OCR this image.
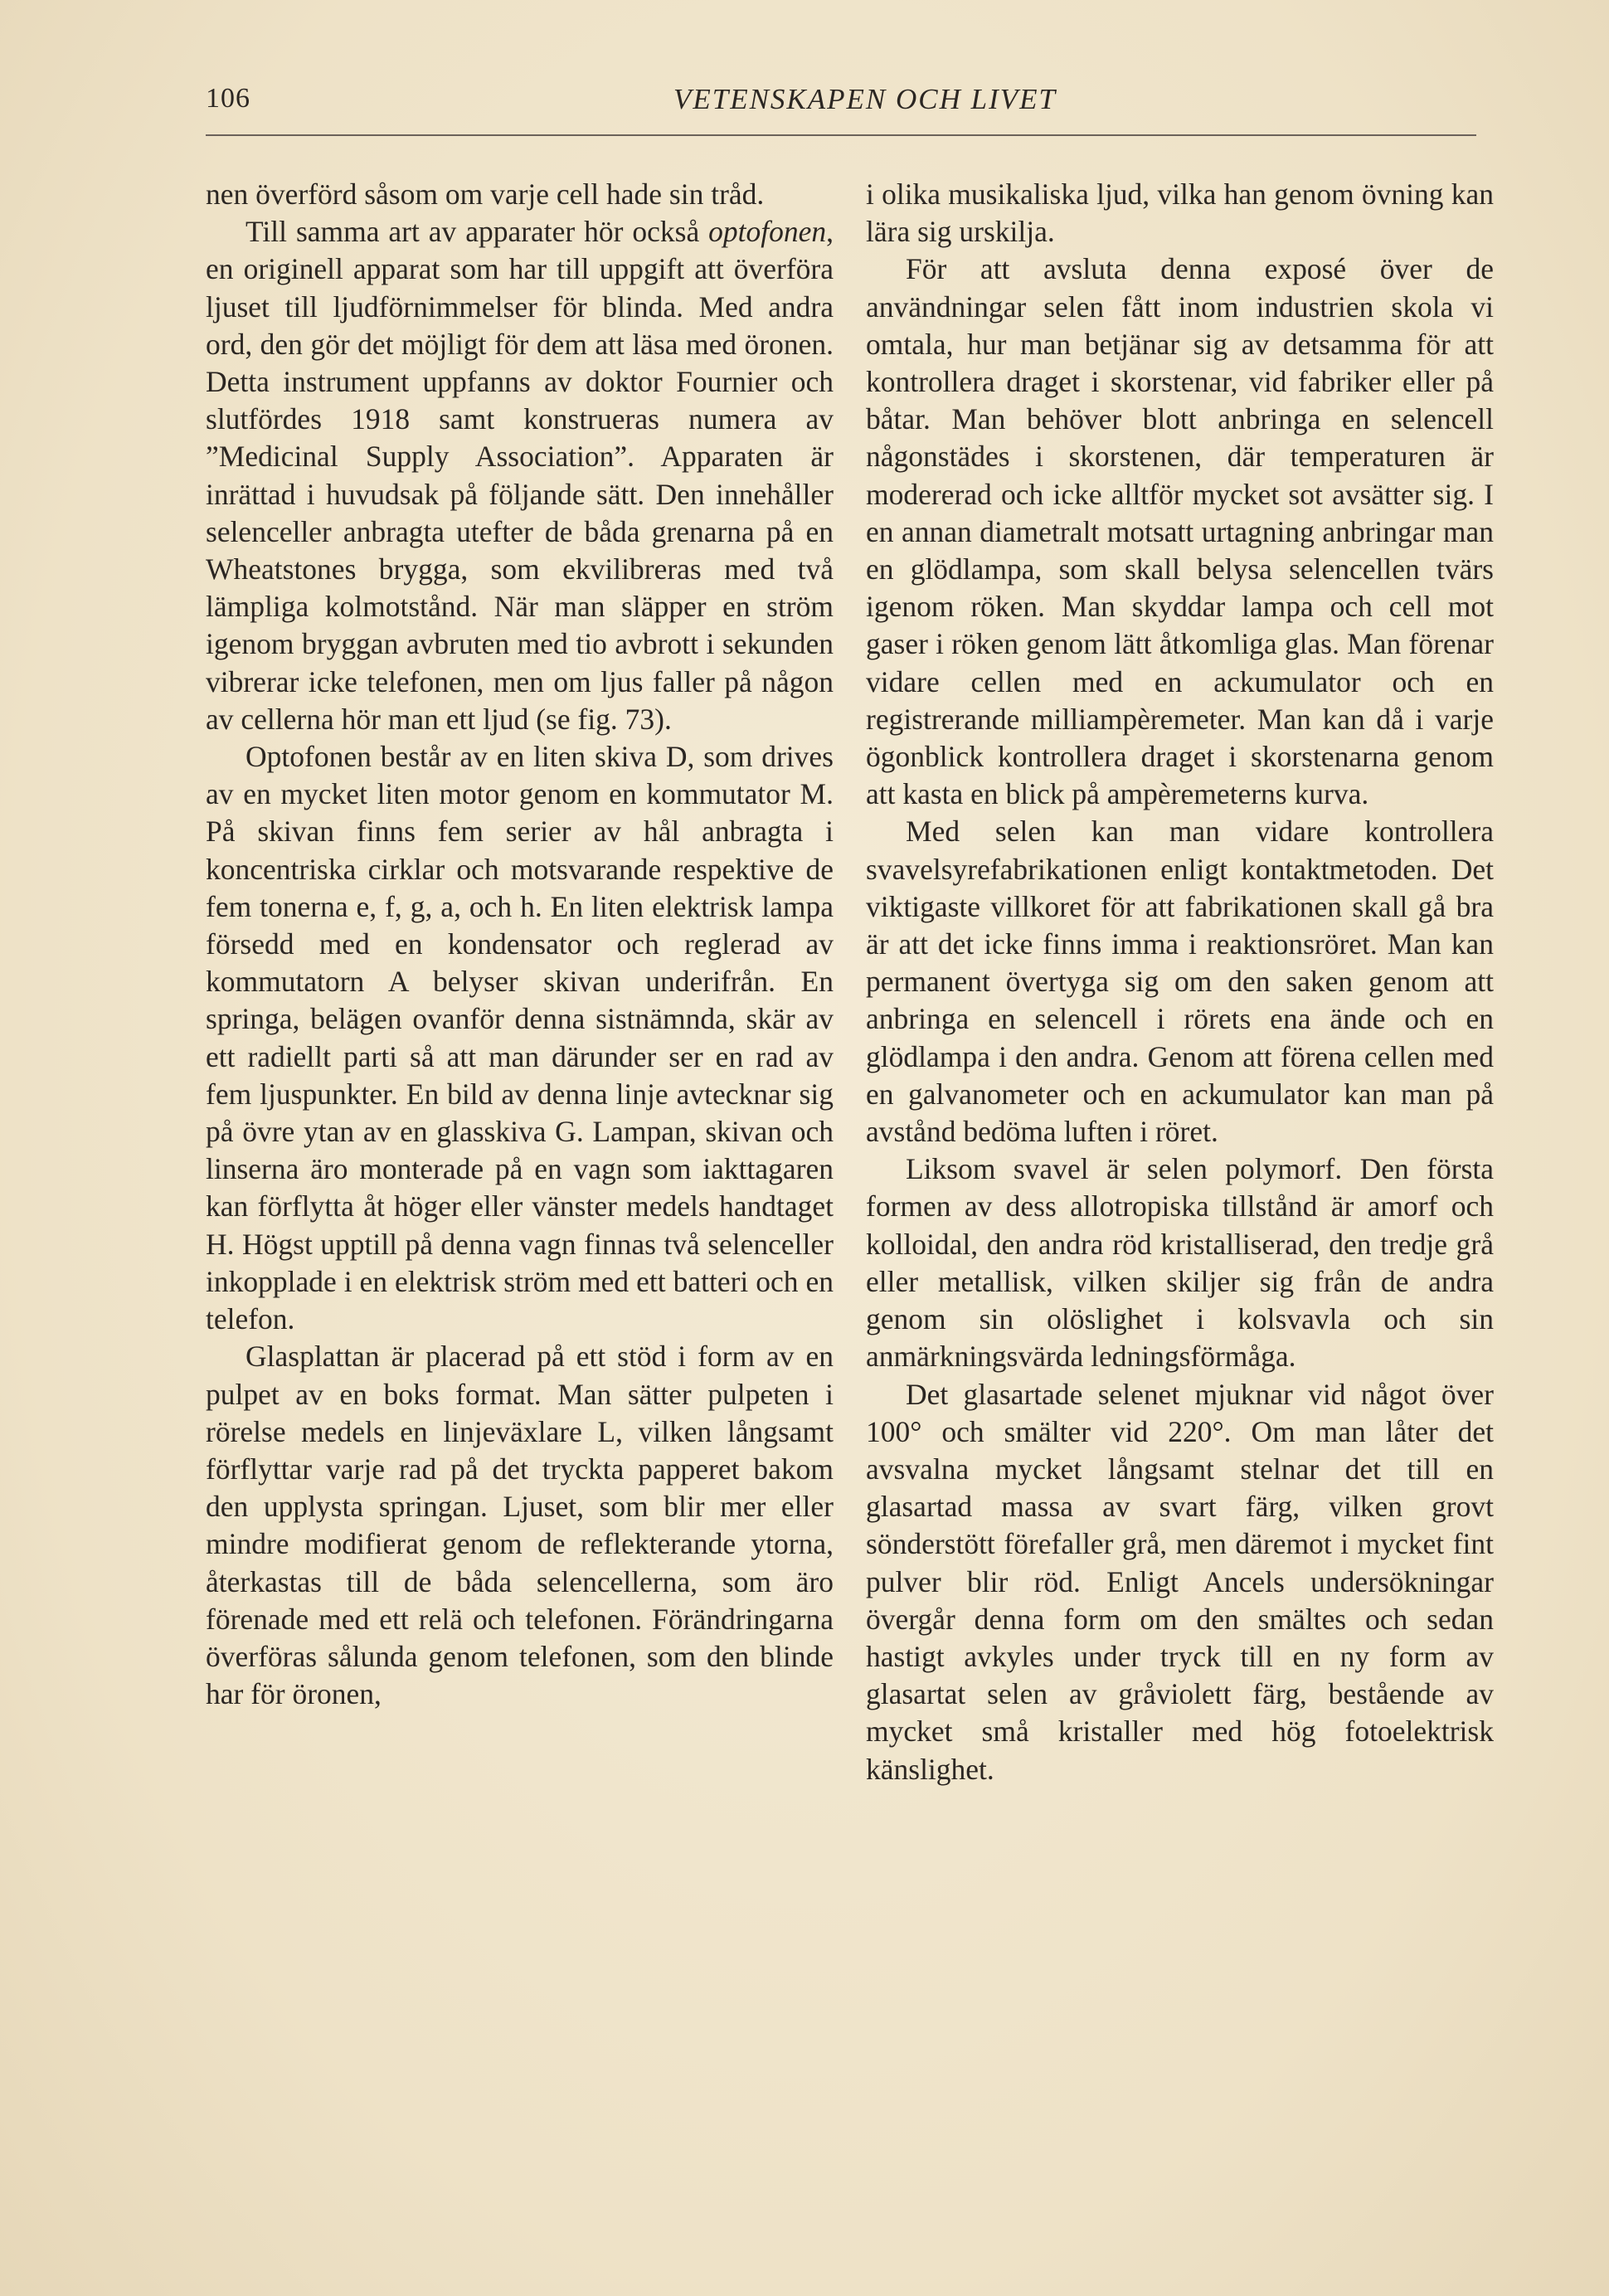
106	VETENSKAPEN OCH LIVET

nen överförd såsom om varje cell hade sin tråd.

Till samma art av apparater hör också optofonen, en originell apparat som har till uppgift att överföra ljuset till ljudförnimmelser för blinda. Med andra ord, den gör det möjligt för dem att läsa med öronen. Detta instrument uppfanns av doktor Fournier och slutfördes 1918 samt konstrueras numera av ”Medicinal Supply Association”. Apparaten är inrättad i huvudsak på följande sätt. Den innehåller selenceller anbragta utefter de båda grenarna på en Wheatstones brygga, som ekvilibreras med två lämpliga kolmotstånd. När man släpper en ström igenom bryggan avbruten med tio avbrott i sekunden vibrerar icke telefonen, men om ljus faller på någon av cellerna hör man ett ljud (se fig. 73).

Optofonen består av en liten skiva D, som drives av en mycket liten motor genom en kommutator M. På skivan finns fem serier av hål anbragta i koncentriska cirklar och motsvarande respektive de fem tonerna e, f, g, a, och h. En liten elektrisk lampa försedd med en kondensator och reglerad av kommutatorn A belyser skivan underifrån. En springa, belägen ovanför denna sistnämnda, skär av ett radiellt parti så att man därunder ser en rad av fem ljuspunkter. En bild av denna linje avtecknar sig på övre ytan av en glasskiva G. Lampan, skivan och linserna äro monterade på en vagn som iakttagaren kan förflytta åt höger eller vänster medels handtaget H. Högst upptill på denna vagn finnas två selenceller inkopplade i en elektrisk ström med ett batteri och en telefon.

Glasplattan är placerad på ett stöd i form av en pulpet av en boks format. Man sätter pulpeten i rörelse medels en linjeväxlare L, vilken långsamt förflyttar varje rad på det tryckta papperet bakom den upplysta springan. Ljuset, som blir mer eller mindre modifierat genom de reflekterande ytorna, återkastas till de båda selencellerna, som äro förenade med ett relä och telefonen. Förändringarna överföras sålunda genom telefonen, som den blinde har för öronen,

i olika musikaliska ljud, vilka han genom övning kan lära sig urskilja.

För att avsluta denna exposé över de användningar selen fått inom industrien skola vi omtala, hur man betjänar sig av detsamma för att kontrollera draget i skorstenar, vid fabriker eller på båtar. Man behöver blott anbringa en selencell någonstädes i skorstenen, där temperaturen är modererad och icke alltför mycket sot avsätter sig. I en annan diametralt motsatt urtagning anbringar man en glödlampa, som skall belysa selencellen tvärs igenom röken. Man skyddar lampa och cell mot gaser i röken genom lätt åtkomliga glas. Man förenar vidare cellen med en ackumulator och en registrerande milliampèremeter. Man kan då i varje ögonblick kontrollera draget i skorstenarna genom att kasta en blick på ampèremeterns kurva.

Med selen kan man vidare kontrollera svavelsyrefabrikationen enligt kontaktmetoden. Det viktigaste villkoret för att fabrikationen skall gå bra är att det icke finns imma i reaktionsröret. Man kan permanent övertyga sig om den saken genom att anbringa en selencell i rörets ena ände och en glödlampa i den andra. Genom att förena cellen med en galvanometer och en ackumulator kan man på avstånd bedöma luften i röret.

Liksom svavel är selen polymorf. Den första formen av dess allotropiska tillstånd är amorf och kolloidal, den andra röd kristalliserad, den tredje grå eller metallisk, vilken skiljer sig från de andra genom sin olöslighet i kolsvavla och sin anmärkningsvärda ledningsförmåga.

Det glasartade selenet mjuknar vid något över 100° och smälter vid 220°. Om man låter det avsvalna mycket långsamt stelnar det till en glasartad massa av svart färg, vilken grovt sönderstött förefaller grå, men däremot i mycket fint pulver blir röd. Enligt Ancels undersökningar övergår denna form om den smältes och sedan hastigt avkyles under tryck till en ny form av glasartat selen av gråviolett färg, bestående av mycket små kristaller med hög fotoelektrisk känslighet.
